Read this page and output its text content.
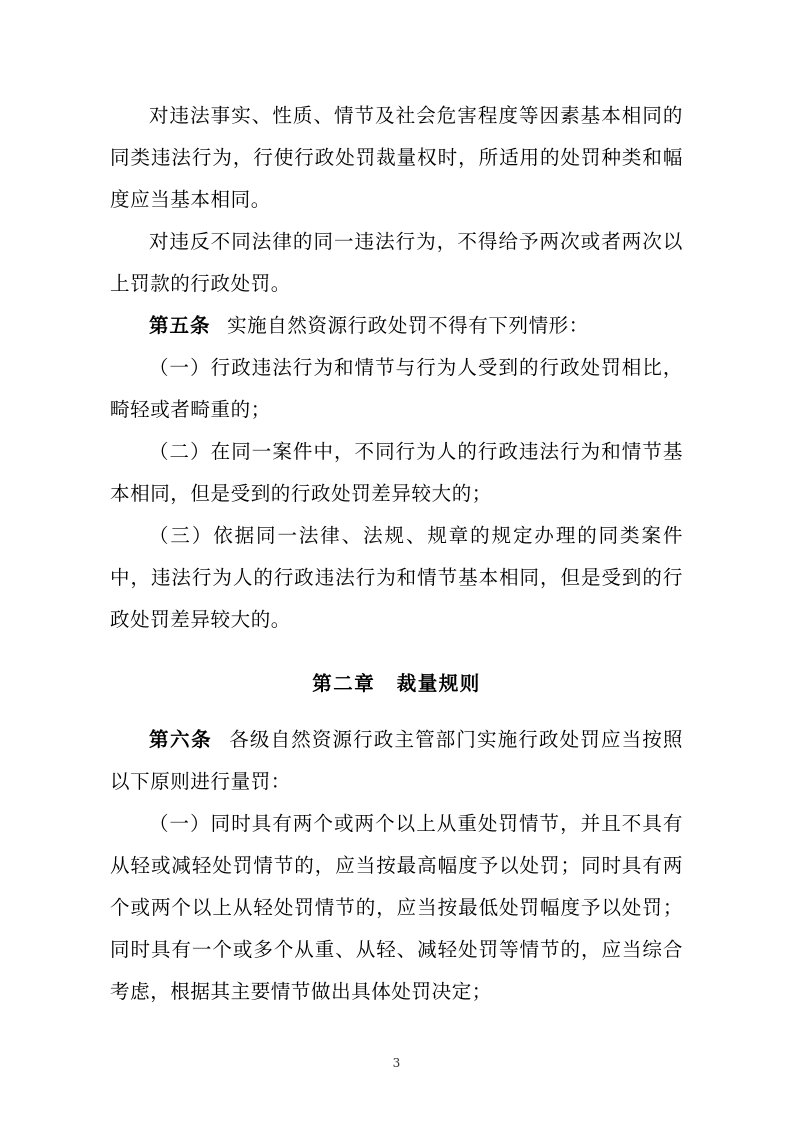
对违法事实、性质、情节及社会危害程度等因素基本相同的同类违法行为，行使行政处罚裁量权时，所适用的处罚种类和幅度应当基本相同。

对违反不同法律的同一违法行为，不得给予两次或者两次以上罚款的行政处罚。

第五条 实施自然资源行政处罚不得有下列情形：

（一）行政违法行为和情节与行为人受到的行政处罚相比，畸轻或者畸重的；

（二）在同一案件中，不同行为人的行政违法行为和情节基本相同，但是受到的行政处罚差异较大的；

（三）依据同一法律、法规、规章的规定办理的同类案件中，违法行为人的行政违法行为和情节基本相同，但是受到的行政处罚差异较大的。

第二章 裁量规则

第六条 各级自然资源行政主管部门实施行政处罚应当按照以下原则进行量罚：

（一）同时具有两个或两个以上从重处罚情节，并且不具有从轻或减轻处罚情节的，应当按最高幅度予以处罚；同时具有两个或两个以上从轻处罚情节的，应当按最低处罚幅度予以处罚；同时具有一个或多个从重、从轻、减轻处罚等情节的，应当综合考虑，根据其主要情节做出具体处罚决定；

3
